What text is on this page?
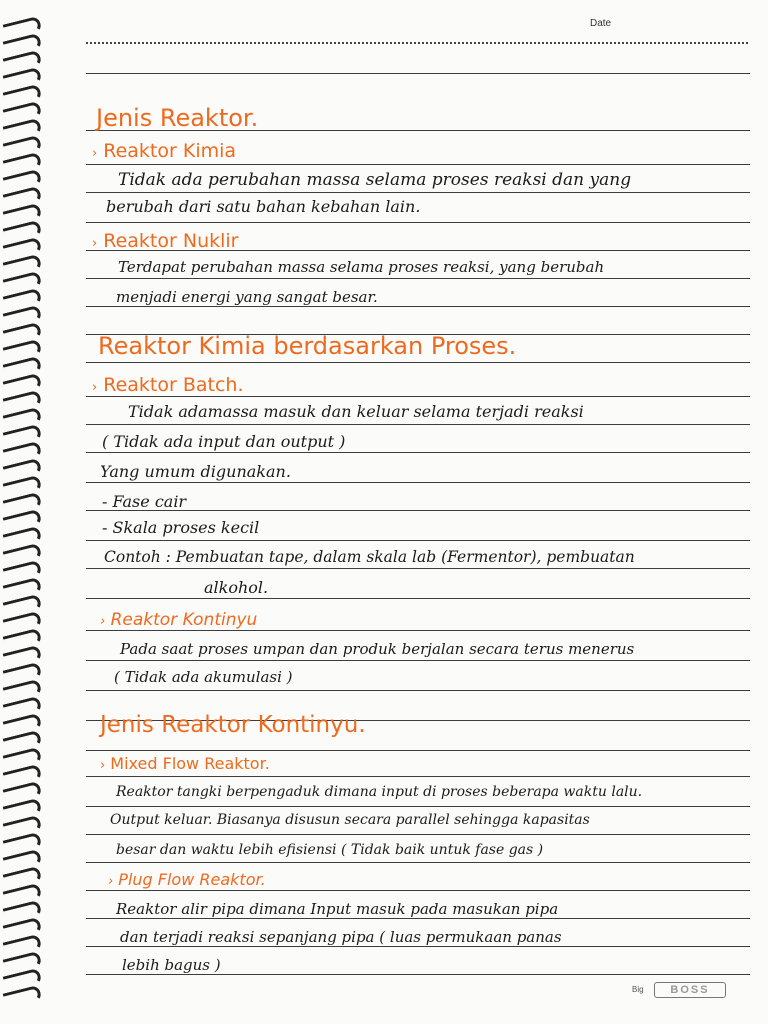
Date
Jenis Reaktor.
› Reaktor Kimia
Tidak ada perubahan massa selama proses reaksi dan yang
berubah dari satu bahan kebahan lain.
› Reaktor Nuklir
Terdapat perubahan massa selama proses reaksi, yang berubah
menjadi energi yang sangat besar.
Reaktor Kimia berdasarkan Proses.
› Reaktor Batch.
Tidak adamassa masuk dan keluar selama terjadi reaksi
( Tidak ada input dan output )
Yang umum digunakan.
- Fase cair
- Skala proses kecil
Contoh : Pembuatan tape, dalam skala lab (Fermentor), pembuatan
alkohol.
› Reaktor Kontinyu
Pada saat proses umpan dan produk berjalan secara terus menerus
( Tidak ada akumulasi )
Jenis Reaktor Kontinyu.
› Mixed Flow Reaktor.
Reaktor tangki berpengaduk dimana input di proses beberapa waktu lalu.
Output keluar. Biasanya disusun secara parallel sehingga kapasitas
besar dan waktu lebih efisiensi ( Tidak baik untuk fase gas )
› Plug Flow Reaktor.
Reaktor alir pipa dimana Input masuk pada masukan pipa
dan terjadi reaksi sepanjang pipa ( luas permukaan panas
lebih bagus )
Big	BOSS
